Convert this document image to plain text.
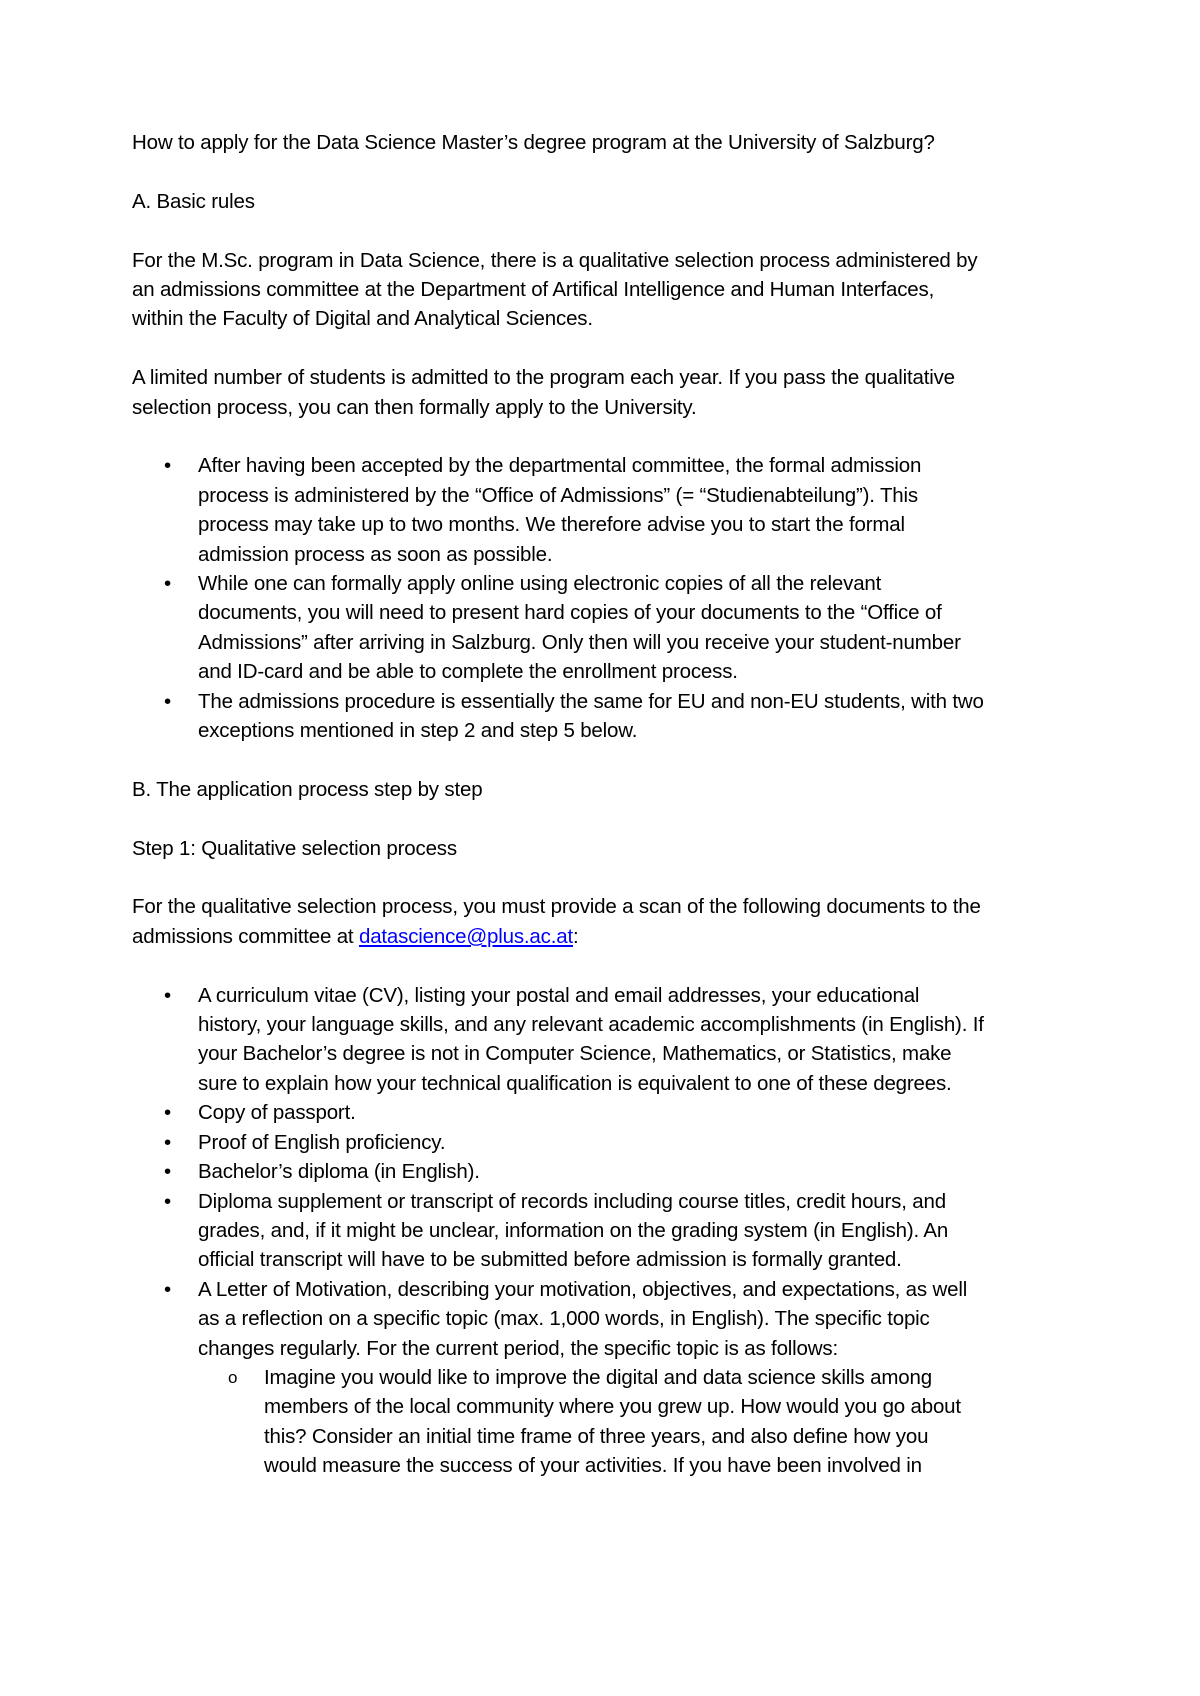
How to apply for the Data Science Master’s degree program at the University of Salzburg?
A. Basic rules

For the M.Sc. program in Data Science, there is a qualitative selection process administered by an admissions committee at the Department of Artifical Intelligence and Human Interfaces, within the Faculty of Digital and Analytical Sciences.

A limited number of students is admitted to the program each year. If you pass the qualitative selection process, you can then formally apply to the University.

•	After having been accepted by the departmental committee, the formal admission process is administered by the “Office of Admissions” (= “Studienabteilung”). This process may take up to two months. We therefore advise you to start the formal admission process as soon as possible.
•	While one can formally apply online using electronic copies of all the relevant documents, you will need to present hard copies of your documents to the “Office of Admissions” after arriving in Salzburg. Only then will you receive your student-number and ID-card and be able to complete the enrollment process.
•	The admissions procedure is essentially the same for EU and non-EU students, with two exceptions mentioned in step 2 and step 5 below.
B. The application process step by step
Step 1: Qualitative selection process

For the qualitative selection process, you must provide a scan of the following documents to the admissions committee at datascience@plus.ac.at:

•	A curriculum vitae (CV), listing your postal and email addresses, your educational history, your language skills, and any relevant academic accomplishments (in English). If your Bachelor’s degree is not in Computer Science, Mathematics, or Statistics, make sure to explain how your technical qualification is equivalent to one of these degrees.
•	Copy of passport.
•	Proof of English proficiency.
•	Bachelor’s diploma (in English).
•	Diploma supplement or transcript of records including course titles, credit hours, and grades, and, if it might be unclear, information on the grading system (in English). An official transcript will have to be submitted before admission is formally granted.
•	A Letter of Motivation, describing your motivation, objectives, and expectations, as well as a reflection on a specific topic (max. 1,000 words, in English). The specific topic changes regularly. For the current period, the specific topic is as follows:
o Imagine you would like to improve the digital and data science skills among members of the local community where you grew up. How would you go about this? Consider an initial time frame of three years, and also define how you would measure the success of your activities. If you have been involved in
